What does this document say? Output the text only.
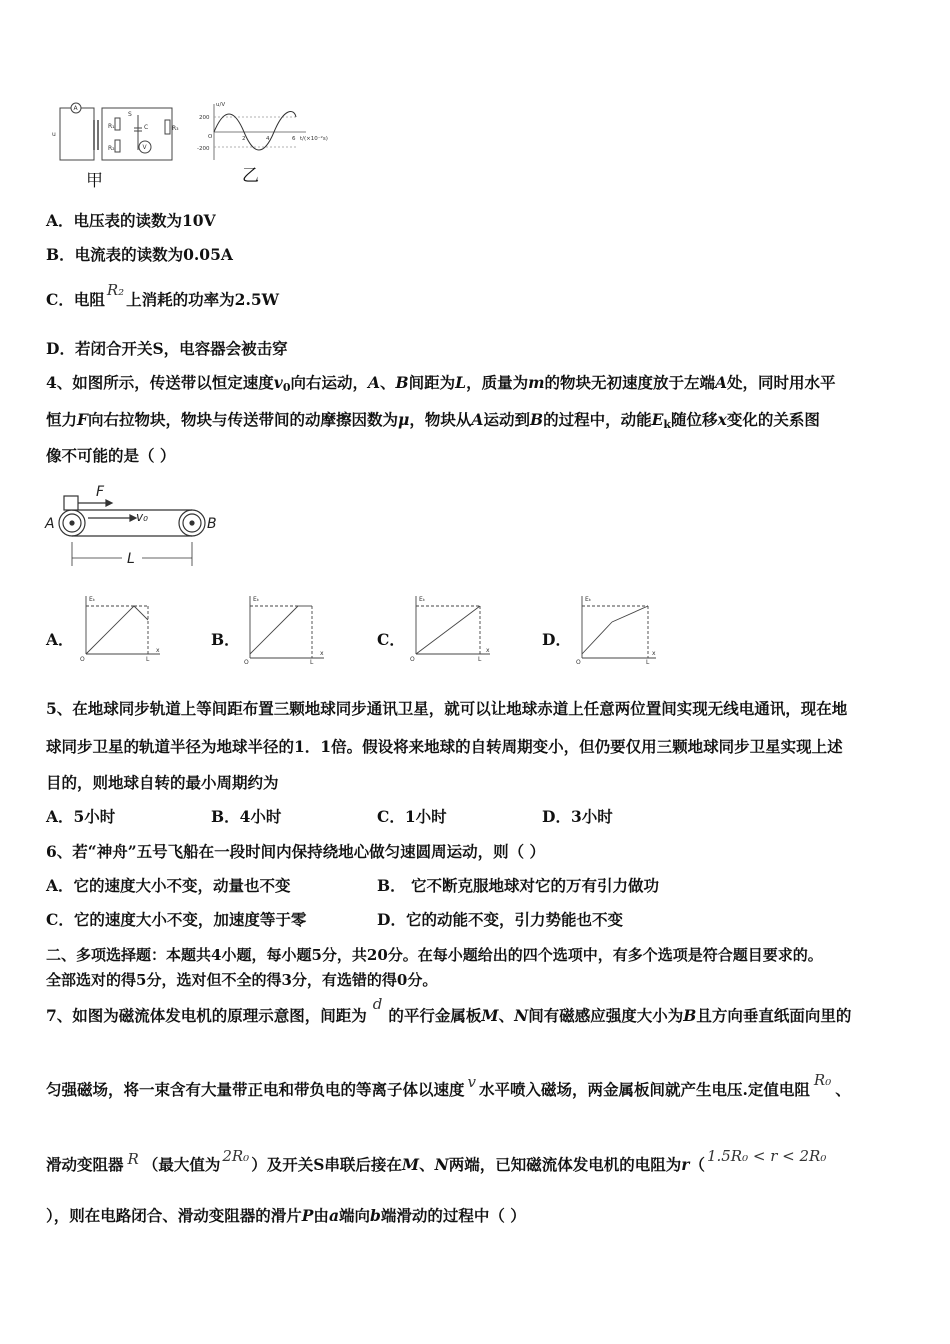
A
V
S
C
R₁
R₂
R₃
u
甲
u/V
200
-200
2	4	6 t/(×10⁻²s)
O
乙
A．电压表的读数为10V
B．电流表的读数为0.05A
C．电阻 R₂ 上消耗的功率为2.5W
D．若闭合开关S，电容器会被击穿
4、如图所示，传送带以恒定速度$v_0$向右运动，A、B间距为L，质量为m的物块无初速度放于左端A处，同时用水平
恒力F向右拉物块，物块与传送带间的动摩擦因数为μ，物块从A运动到B的过程中，动能$E_k$随位移x变化的关系图
像不可能的是（ ）
F
v₀
A	B
L
A．
Eₖ
x
O	L
B．
Eₖ
x
O	L
C．
Eₖ
x
O	L
D．
Eₖ
x
O	L
5、在地球同步轨道上等间距布置三颗地球同步通讯卫星，就可以让地球赤道上任意两位置间实现无线电通讯，现在地
球同步卫星的轨道半径为地球半径的1．1倍。假设将来地球的自转周期变小，但仍要仅用三颗地球同步卫星实现上述
目的，则地球自转的最小周期约为
A．5小时	B．4小时	C．1小时	D．3小时
6、若“神舟”五号飞船在一段时间内保持绕地心做匀速圆周运动，则（ ）
A．它的速度大小不变，动量也不变	B． 它不断克服地球对它的万有引力做功
C．它的速度大小不变，加速度等于零	D．它的动能不变，引力势能也不变
二、多项选择题：本题共4小题，每小题5分，共20分。在每小题给出的四个选项中，有多个选项是符合题目要求的。
全部选对的得5分，选对但不全的得3分，有选错的得0分。
7、如图为磁流体发电机的原理示意图，间距为d的平行金属板M、N间有磁感应强度大小为B且方向垂直纸面向里的
匀强磁场，将一束含有大量带正电和带负电的等离子体以速度 v 水平喷入磁场，两金属板间就产生电压.定值电阻 R₀ 、
滑动变阻器 R （最大值为 2R₀ ）及开关S串联后接在M、N两端，已知磁流体发电机的电阻为r（ 1.5R₀ < r < 2R₀
），则在电路闭合、滑动变阻器的滑片P由a端向b端滑动的过程中（ ）
